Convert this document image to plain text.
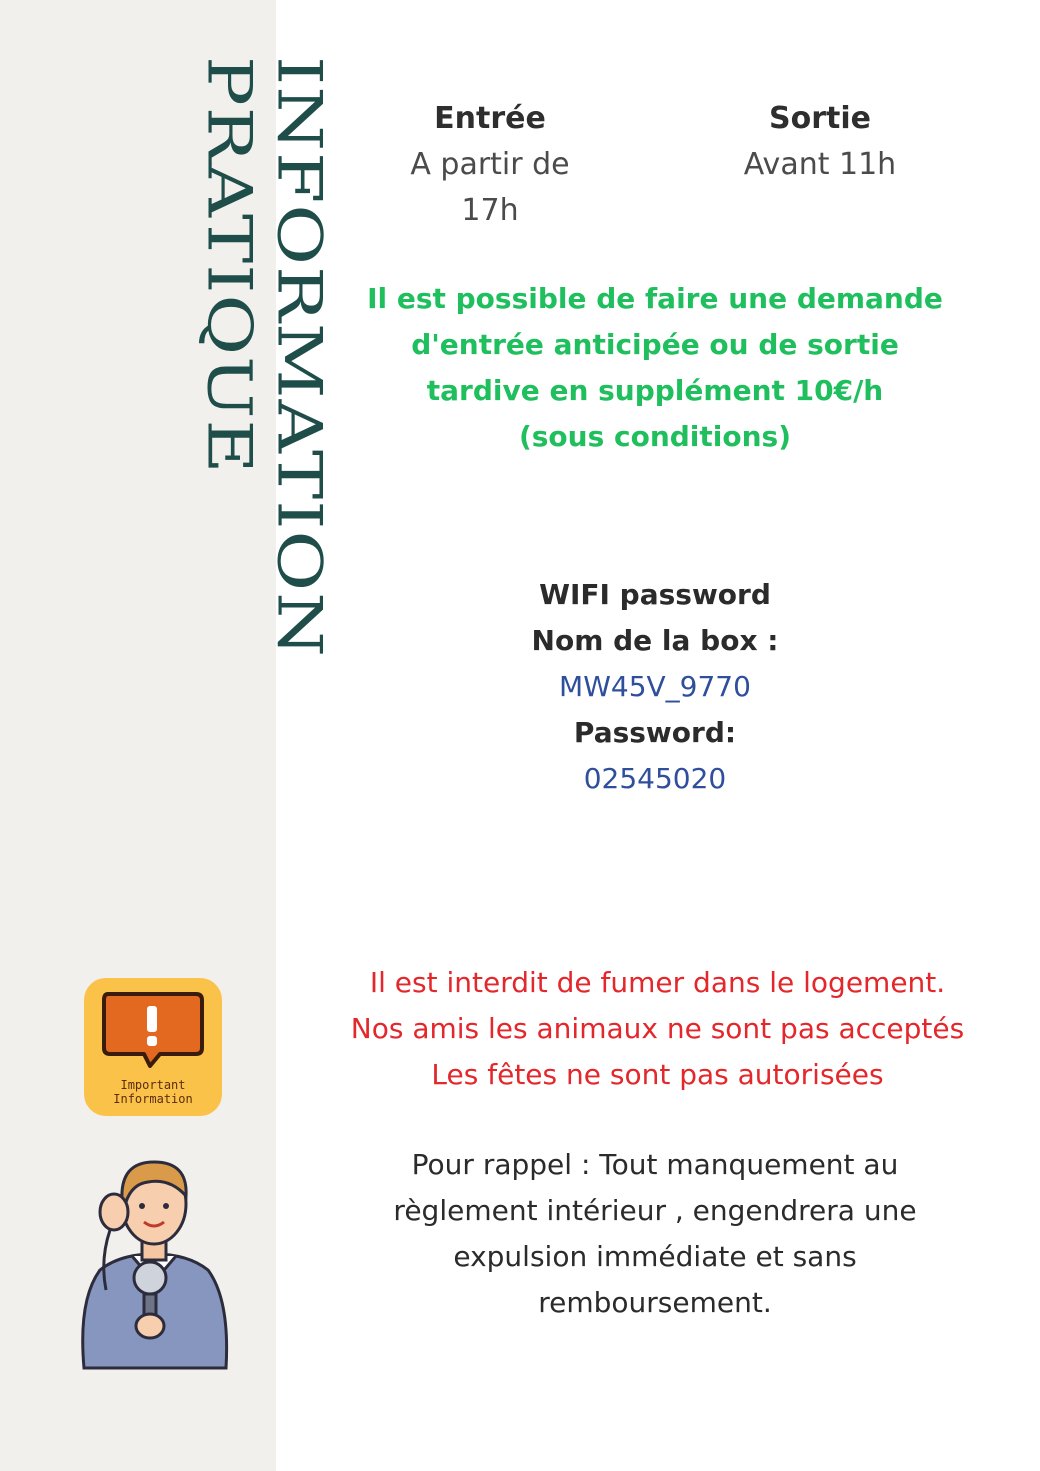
INFORMATION
PRATIQUE	Entrée
A partir de
17h
Sortie
Avant 11h
Il est possible de faire une demande
d'entrée anticipée ou de sortie
tardive en supplément 10€/h
(sous conditions)
WIFI password
Nom de la box :
MW45V_9770
Password:
02545020
Important
Information
Il est interdit de fumer dans le logement.
Nos amis les animaux ne sont pas acceptés
Les fêtes ne sont pas autorisées
Pour rappel : Tout manquement au
règlement intérieur , engendrera une
expulsion immédiate et sans
remboursement.
